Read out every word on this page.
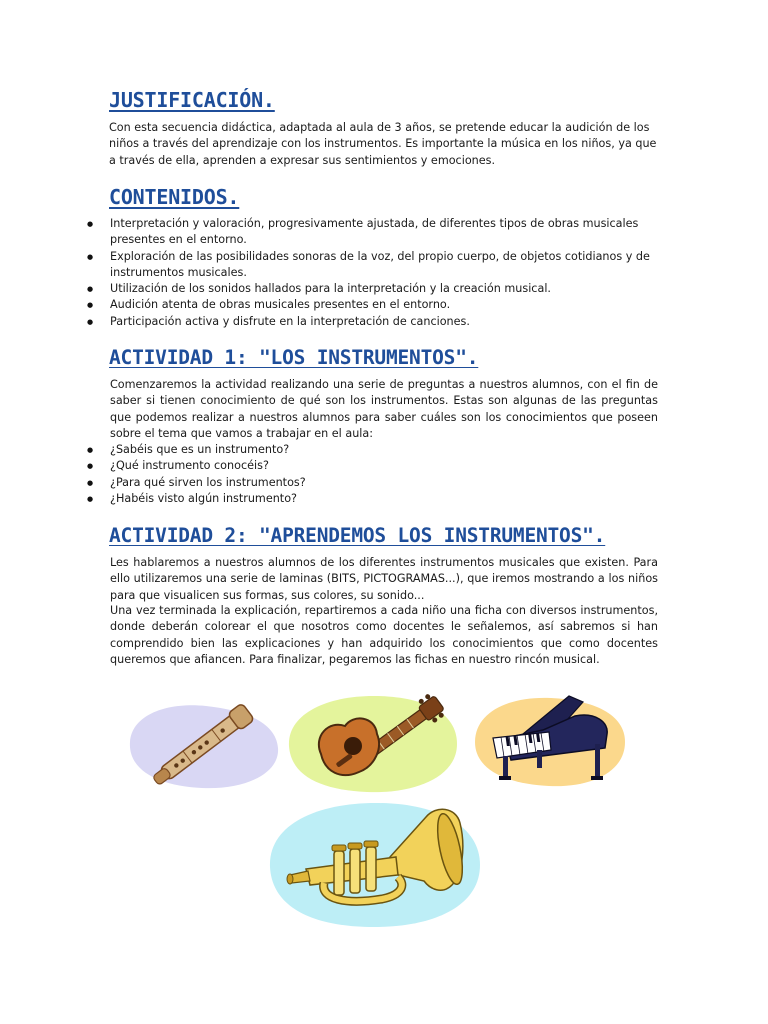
JUSTIFICACIÓN.

Con esta secuencia didáctica, adaptada al aula de 3 años, se pretende educar la audición de los niños a través del aprendizaje con los instrumentos. Es importante la música en los niños, ya que a través de ella, aprenden a expresar sus sentimientos y emociones.

CONTENIDOS.
● Interpretación y valoración, progresivamente ajustada, de diferentes tipos de obras musicales presentes en el entorno.
● Exploración de las posibilidades sonoras de la voz, del propio cuerpo, de objetos cotidianos y de instrumentos musicales.
● Utilización de los sonidos hallados para la interpretación y la creación musical.
● Audición atenta de obras musicales presentes en el entorno.
● Participación activa y disfrute en la interpretación de canciones.
ACTIVIDAD 1: "LOS INSTRUMENTOS".

Comenzaremos la actividad realizando una serie de preguntas a nuestros alumnos, con el fin de saber si tienen conocimiento de qué son los instrumentos. Estas son algunas de las preguntas que podemos realizar a nuestros alumnos para saber cuáles son los conocimientos que poseen sobre el tema que vamos a trabajar en el aula:

● ¿Sabéis que es un instrumento?
● ¿Qué instrumento conocéis?
● ¿Para qué sirven los instrumentos?
● ¿Habéis visto algún instrumento?
ACTIVIDAD 2: "APRENDEMOS LOS INSTRUMENTOS".

Les hablaremos a nuestros alumnos de los diferentes instrumentos musicales que existen. Para ello utilizaremos una serie de laminas (BITS, PICTOGRAMAS...), que iremos mostrando a los niños para que visualicen sus formas, sus colores, su sonido...

Una vez terminada la explicación, repartiremos a cada niño una ficha con diversos instrumentos, donde deberán colorear el que nosotros como docentes le señalemos, así sabremos si han comprendido bien las explicaciones y han adquirido los conocimientos que como docentes queremos que afiancen. Para finalizar, pegaremos las fichas en nuestro rincón musical.
